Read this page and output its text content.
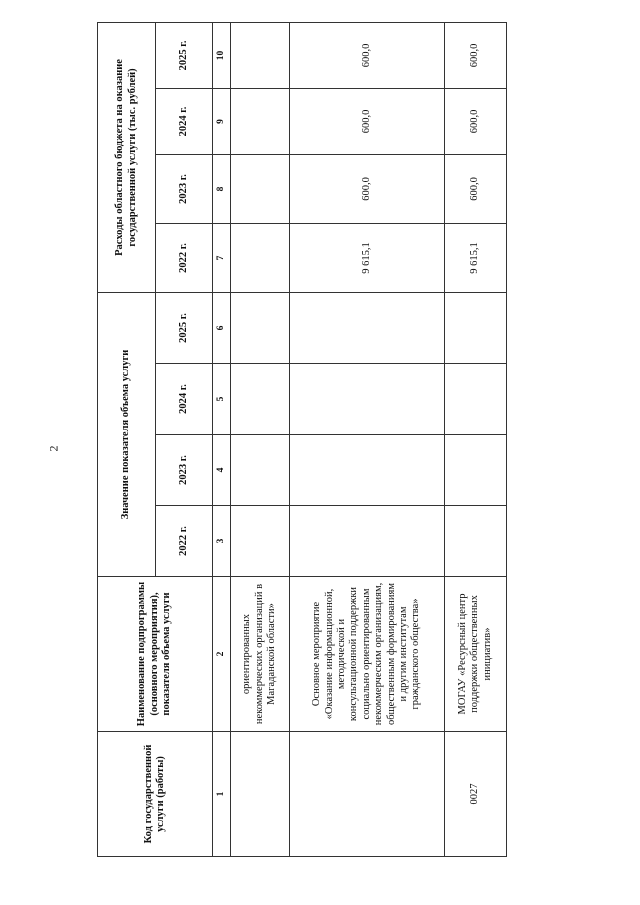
2
Код государственной услуги (работы)	Наименование подпрограммы (основного мероприятия), показателя объема услуги	Значение показателя объема услуги				Расходы областного бюджета на оказание государственной услуги (тыс. рублей)			
		2022 г.	2023 г.	2024 г.	2025 г.	2022 г.	2023 г.	2024 г.	2025 г.
1	2	3	4	5	6	7	8	9	10
	ориентированных некоммерческих организаций в Магаданской области»								
	Основное мероприятие «Оказание информационной, методической и консультационной поддержки социально ориентированным некоммерческим организациям, общественным формированиям и другим институтам гражданского общества»					9 615,1	600,0	600,0	600,0
0027	МОГАУ «Ресурсный центр поддержки общественных инициатив»					9 615,1	600,0	600,0	600,0
